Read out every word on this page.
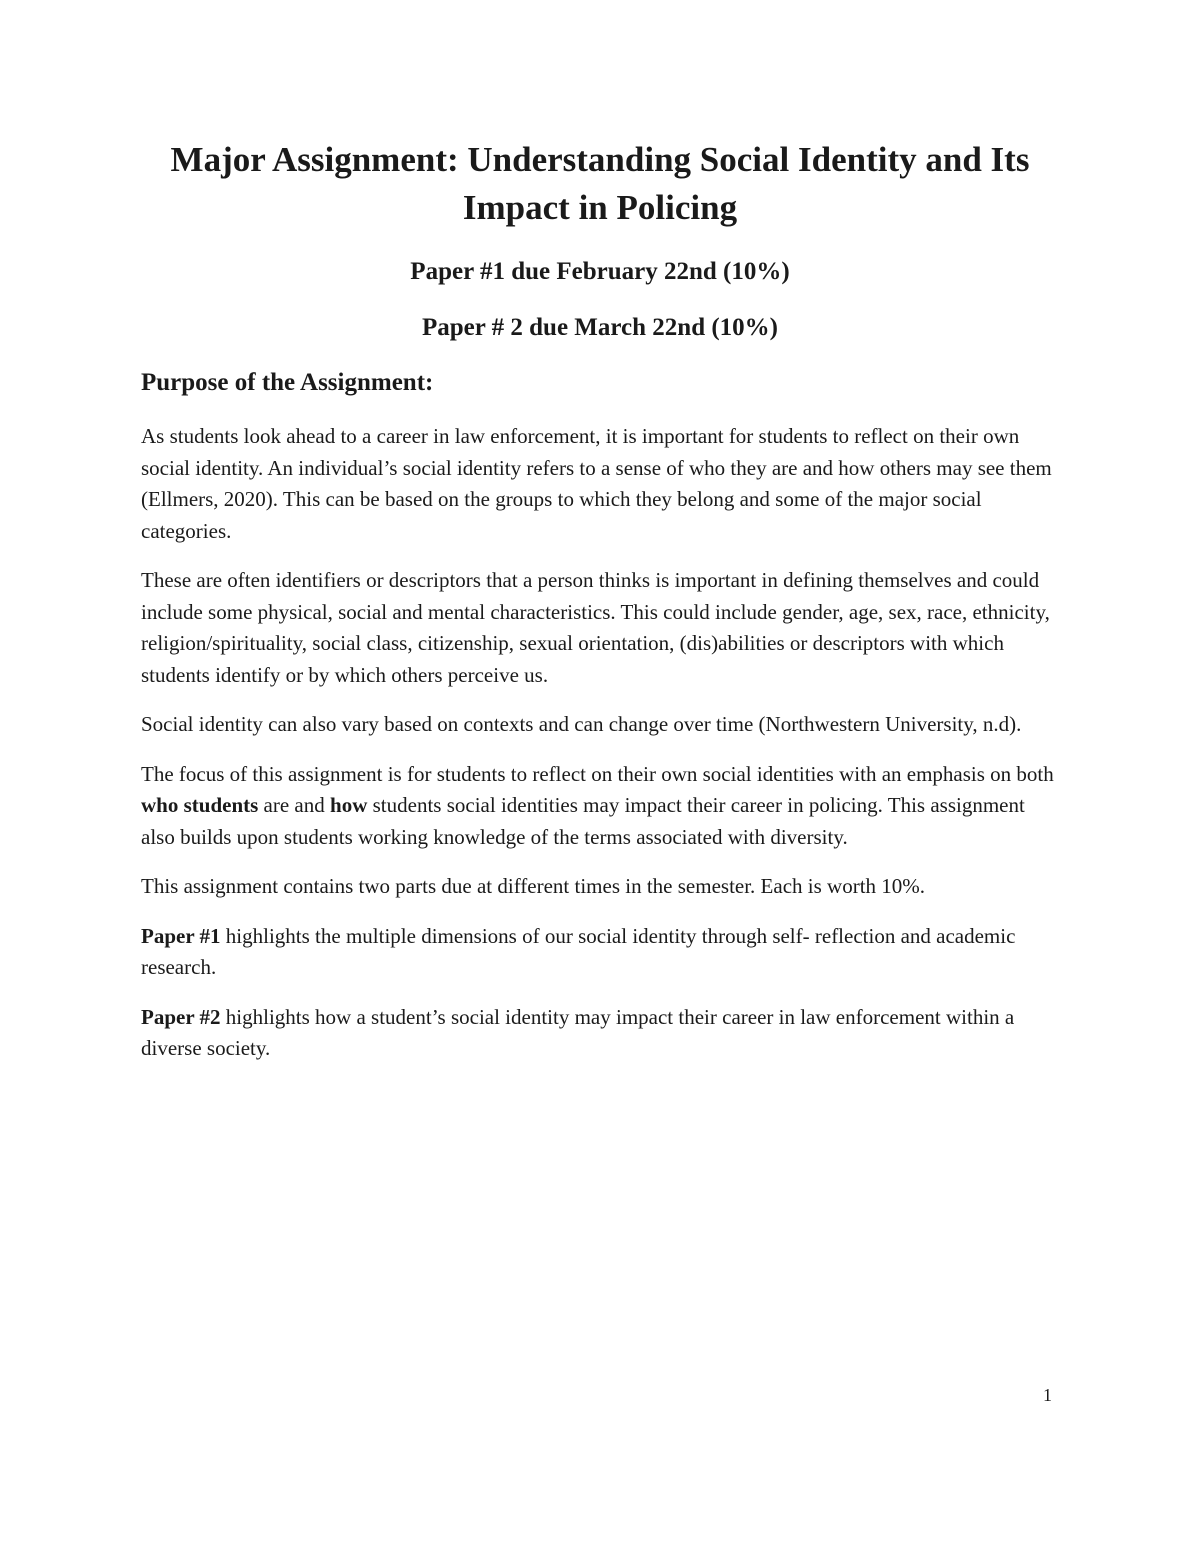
Major Assignment: Understanding Social Identity and Its
Impact in Policing

Paper #1 due February 22nd (10%)

Paper # 2 due March 22nd (10%)

Purpose of the Assignment:

As students look ahead to a career in law enforcement, it is important for students to reflect on their own social identity. An individual’s social identity refers to a sense of who they are and how others may see them (Ellmers, 2020). This can be based on the groups to which they belong and some of the major social categories.

These are often identifiers or descriptors that a person thinks is important in defining themselves and could include some physical, social and mental characteristics. This could include gender, age, sex, race, ethnicity, religion/spirituality, social class, citizenship, sexual orientation, (dis)abilities or descriptors with which students identify or by which others perceive us.

Social identity can also vary based on contexts and can change over time (Northwestern University, n.d).

The focus of this assignment is for students to reflect on their own social identities with an emphasis on both who students are and how students social identities may impact their career in policing. This assignment also builds upon students working knowledge of the terms associated with diversity.

This assignment contains two parts due at different times in the semester. Each is worth 10%.

Paper #1 highlights the multiple dimensions of our social identity through self- reflection and academic research.

Paper #2 highlights how a student’s social identity may impact their career in law enforcement within a diverse society.

1
